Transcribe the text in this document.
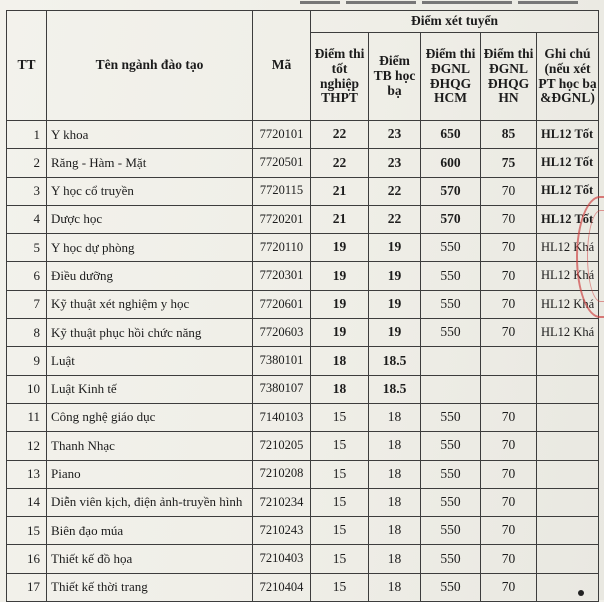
TT	Tên ngành đào tạo	Mã	Điểm xét tuyển				
			Điểm thi tốt nghiệp THPT	Điểm TB học bạ	Điểm thi ĐGNL ĐHQG HCM	Điểm thi ĐGNL ĐHQG HN	Ghi chú (nếu xét PT học bạ &ĐGNL)
1	Y khoa	7720101	22	23	650	85	HL12 Tốt
2	Răng - Hàm - Mặt	7720501	22	23	600	75	HL12 Tốt
3	Y học cổ truyền	7720115	21	22	570	70	HL12 Tốt
4	Dược học	7720201	21	22	570	70	HL12 Tốt
5	Y học dự phòng	7720110	19	19	550	70	HL12 Khá
6	Điều dưỡng	7720301	19	19	550	70	HL12 Khá
7	Kỹ thuật xét nghiệm y học	7720601	19	19	550	70	HL12 Khá
8	Kỹ thuật phục hồi chức năng	7720603	19	19	550	70	HL12 Khá
9	Luật	7380101	18	18.5			
10	Luật Kinh tế	7380107	18	18.5			
11	Công nghệ giáo dục	7140103	15	18	550	70	
12	Thanh Nhạc	7210205	15	18	550	70	
13	Piano	7210208	15	18	550	70	
14	Diễn viên kịch, điện ảnh-truyền hình	7210234	15	18	550	70	
15	Biên đạo múa	7210243	15	18	550	70	
16	Thiết kế đồ họa	7210403	15	18	550	70	
17	Thiết kế thời trang	7210404	15	18	550	70	
